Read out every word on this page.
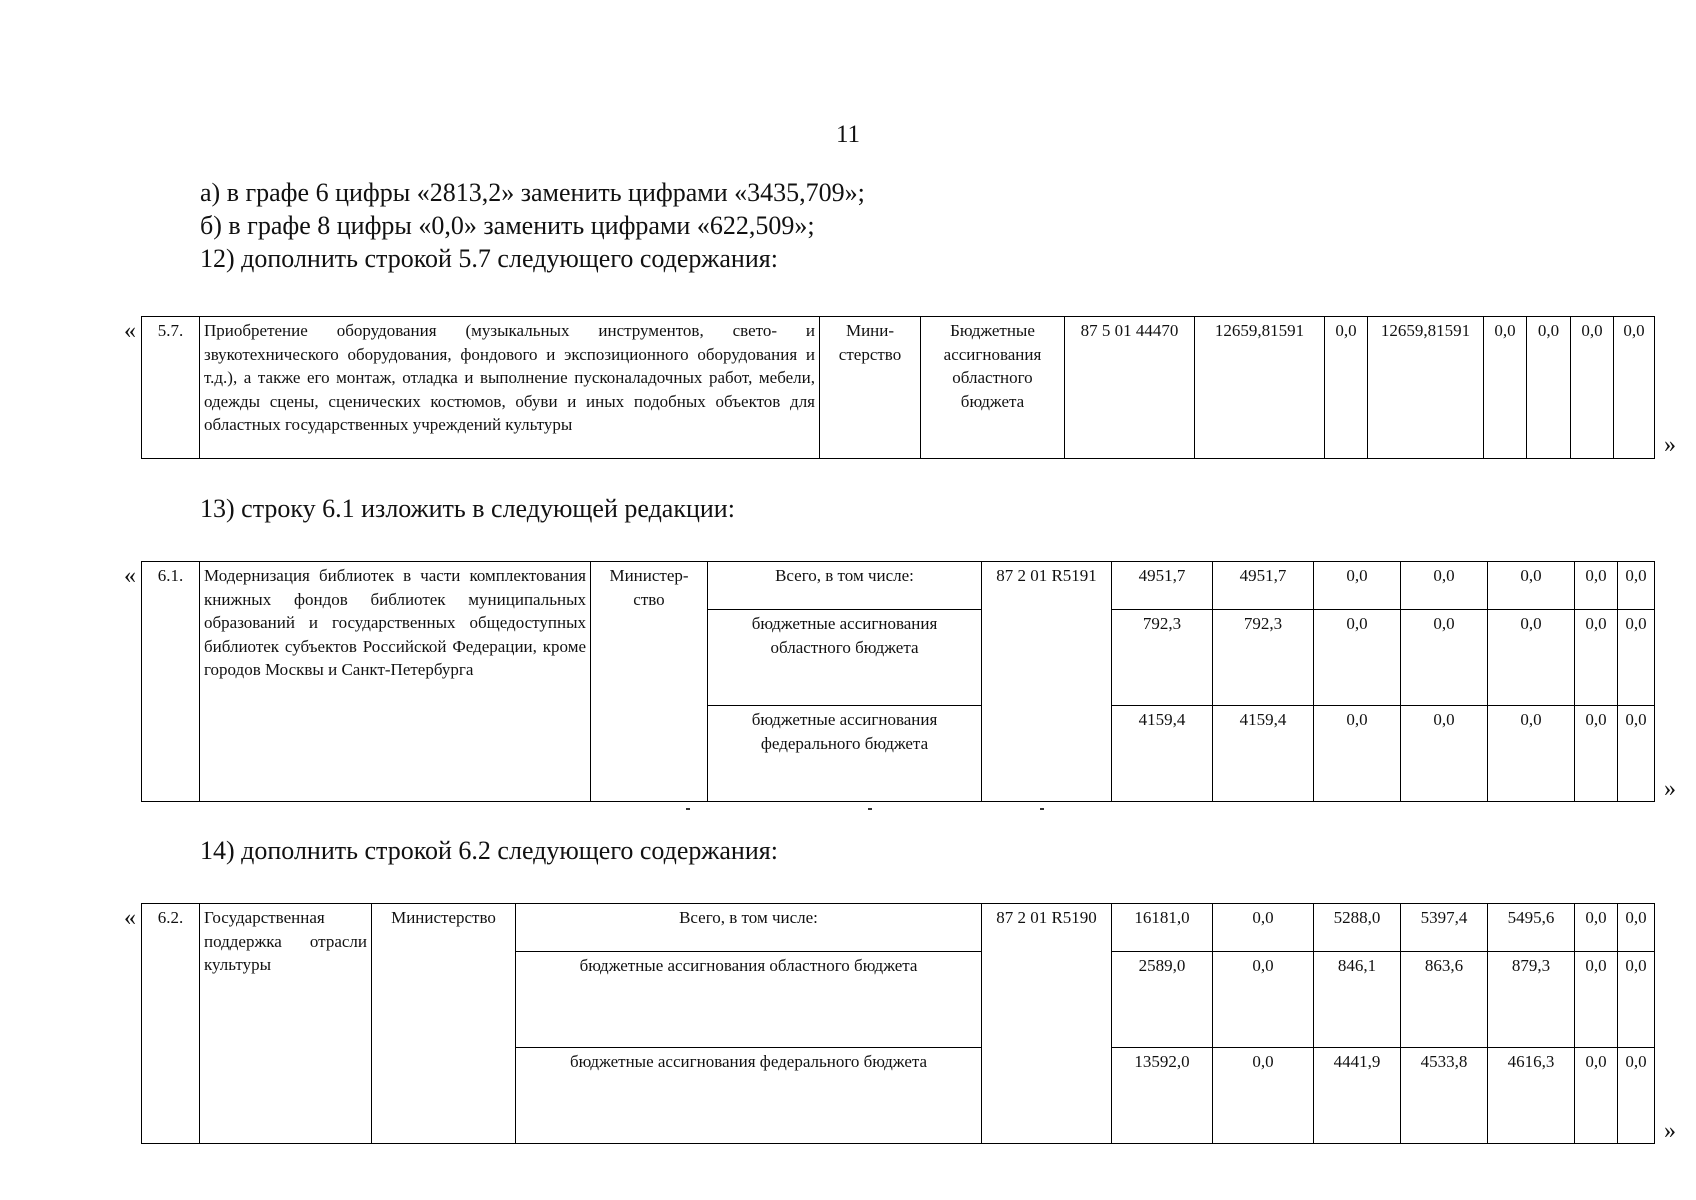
11
а) в графе 6 цифры «2813,2» заменить цифрами «3435,709»;
б) в графе 8 цифры «0,0» заменить цифрами «622,509»;
12) дополнить строкой 5.7 следующего содержания:
« 5.7.	Приобретение оборудования (музыкальных инструментов, свето- и звукотехнического оборудования, фондового и экспозиционного оборудования и т.д.), а также его монтаж, отладка и выполнение пусконаладочных работ, мебели, одежды сцены, сценических костюмов, обуви и иных подобных объектов для областных государственных учреждений культуры	Мини-стерство	Бюджетные ассигнования областного бюджета	87 5 01 44470	12659,81591	0,0	12659,81591	0,0	0,0	0,0	0,0
»
13) строку 6.1 изложить в следующей редакции:
« 6.1.	Модернизация библиотек в части комплектования книжных фондов библиотек муниципальных образований и государственных общедоступных библиотек субъектов Российской Федерации, кроме городов Москвы и Санкт-Петербурга	Министер-ство	Всего, в том числе:	87 2 01 R5191	4951,7	4951,7	0,0	0,0	0,0	0,0	0,0
			бюджетные ассигнования областного бюджета		792,3	792,3	0,0	0,0	0,0	0,0	0,0
			бюджетные ассигнования федерального бюджета		4159,4	4159,4	0,0	0,0	0,0	0,0	0,0
»
14) дополнить строкой 6.2 следующего содержания:
« 6.2.	Государственная поддержка отрасли культуры	Министерство	Всего, в том числе:	87 2 01 R5190	16181,0	0,0	5288,0	5397,4	5495,6	0,0	0,0
			бюджетные ассигнования областного бюджета		2589,0	0,0	846,1	863,6	879,3	0,0	0,0
			бюджетные ассигнования федерального бюджета		13592,0	0,0	4441,9	4533,8	4616,3	0,0	0,0
»
